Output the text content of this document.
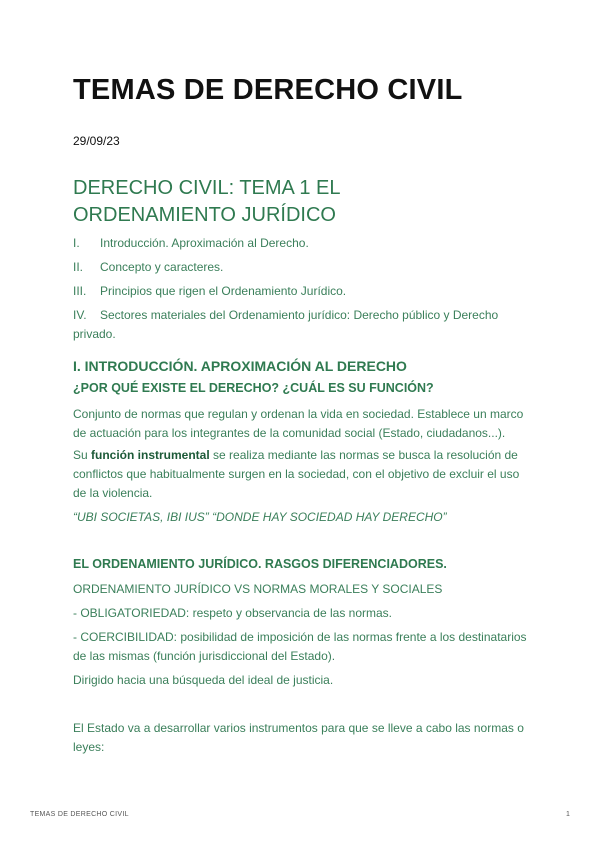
TEMAS DE DERECHO CIVIL
29/09/23
DERECHO CIVIL: TEMA 1 EL ORDENAMIENTO JURÍDICO
I. Introducción. Aproximación al Derecho.
II. Concepto y caracteres.
III. Principios que rigen el Ordenamiento Jurídico.
IV. Sectores materiales del Ordenamiento jurídico: Derecho público y Derecho privado.
I. INTRODUCCIÓN. APROXIMACIÓN AL DERECHO
¿POR QUÉ EXISTE EL DERECHO? ¿CUÁL ES SU FUNCIÓN?

Conjunto de normas que regulan y ordenan la vida en sociedad. Establece un marco de actuación para los integrantes de la comunidad social (Estado, ciudadanos...).

Su función instrumental se realiza mediante las normas se busca la resolución de conflictos que habitualmente surgen en la sociedad, con el objetivo de excluir el uso de la violencia.

“UBI SOCIETAS, IBI IUS” “DONDE HAY SOCIEDAD HAY DERECHO”

EL ORDENAMIENTO JURÍDICO. RASGOS DIFERENCIADORES.

ORDENAMIENTO JURÍDICO VS NORMAS MORALES Y SOCIALES

- OBLIGATORIEDAD: respeto y observancia de las normas.

- COERCIBILIDAD: posibilidad de imposición de las normas frente a los destinatarios de las mismas (función jurisdiccional del Estado).

Dirigido hacia una búsqueda del ideal de justicia.

El Estado va a desarrollar varios instrumentos para que se lleve a cabo las normas o leyes:

TEMAS DE DERECHO CIVIL	1
